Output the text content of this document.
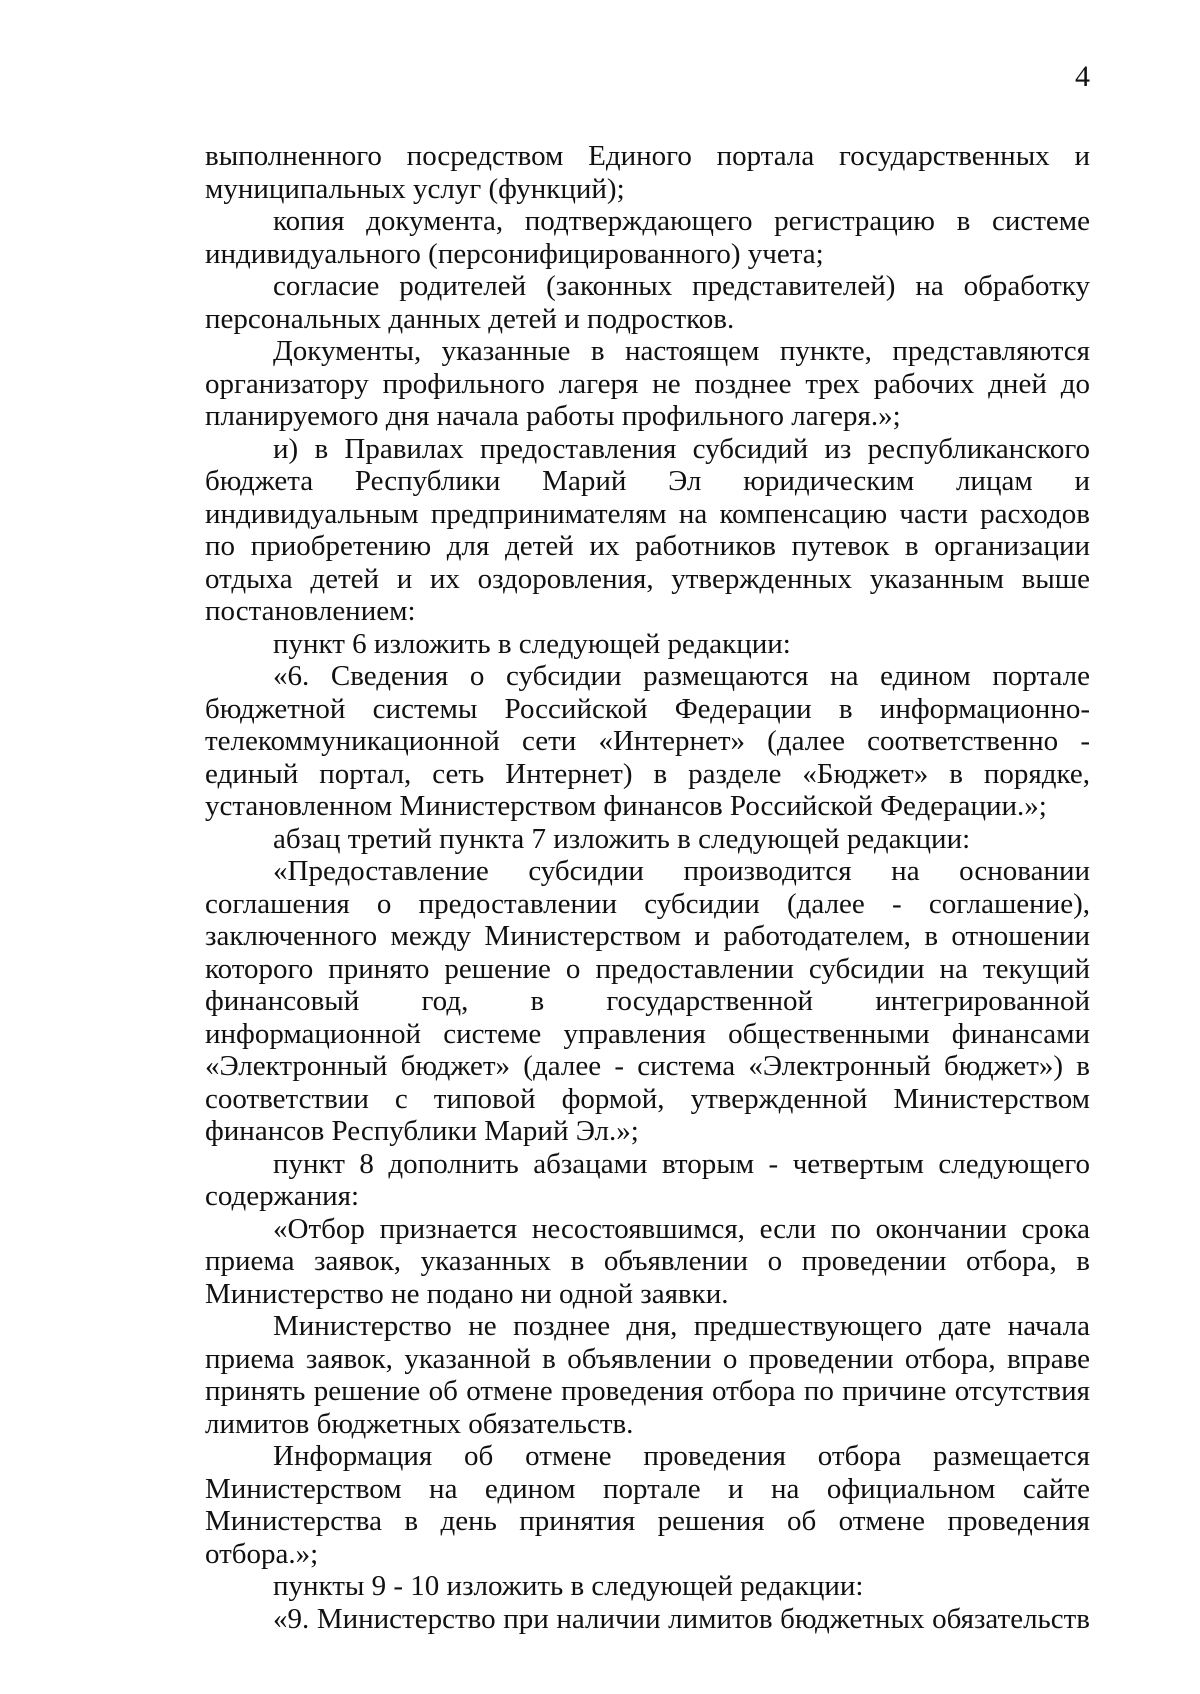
4

выполненного посредством Единого портала государственных и муниципальных услуг (функций);

копия документа, подтверждающего регистрацию в системе индивидуального (персонифицированного) учета;

согласие родителей (законных представителей) на обработку персональных данных детей и подростков.

Документы, указанные в настоящем пункте, представляются организатору профильного лагеря не позднее трех рабочих дней до планируемого дня начала работы профильного лагеря.»;

и) в Правилах предоставления субсидий из республиканского бюджета Республики Марий Эл юридическим лицам и индивидуальным предпринимателям на компенсацию части расходов по приобретению для детей их работников путевок в организации отдыха детей и их оздоровления, утвержденных указанным выше постановлением:

пункт 6 изложить в следующей редакции:

«6. Сведения о субсидии размещаются на едином портале бюджетной системы Российской Федерации в информационно-телекоммуникационной сети «Интернет» (далее соответственно - единый портал, сеть Интернет) в разделе «Бюджет» в порядке, установленном Министерством финансов Российской Федерации.»;

абзац третий пункта 7 изложить в следующей редакции:

«Предоставление субсидии производится на основании соглашения о предоставлении субсидии (далее - соглашение), заключенного между Министерством и работодателем, в отношении которого принято решение о предоставлении субсидии на текущий финансовый год, в государственной интегрированной информационной системе управления общественными финансами «Электронный бюджет» (далее - система «Электронный бюджет») в соответствии с типовой формой, утвержденной Министерством финансов Республики Марий Эл.»;

пункт 8 дополнить абзацами вторым - четвертым следующего содержания:

«Отбор признается несостоявшимся, если по окончании срока приема заявок, указанных в объявлении о проведении отбора, в Министерство не подано ни одной заявки.

Министерство не позднее дня, предшествующего дате начала приема заявок, указанной в объявлении о проведении отбора, вправе принять решение об отмене проведения отбора по причине отсутствия лимитов бюджетных обязательств.

Информация об отмене проведения отбора размещается Министерством на едином портале и на официальном сайте Министерства в день принятия решения об отмене проведения отбора.»;

пункты 9 - 10 изложить в следующей редакции:

«9. Министерство при наличии лимитов бюджетных обязательств
